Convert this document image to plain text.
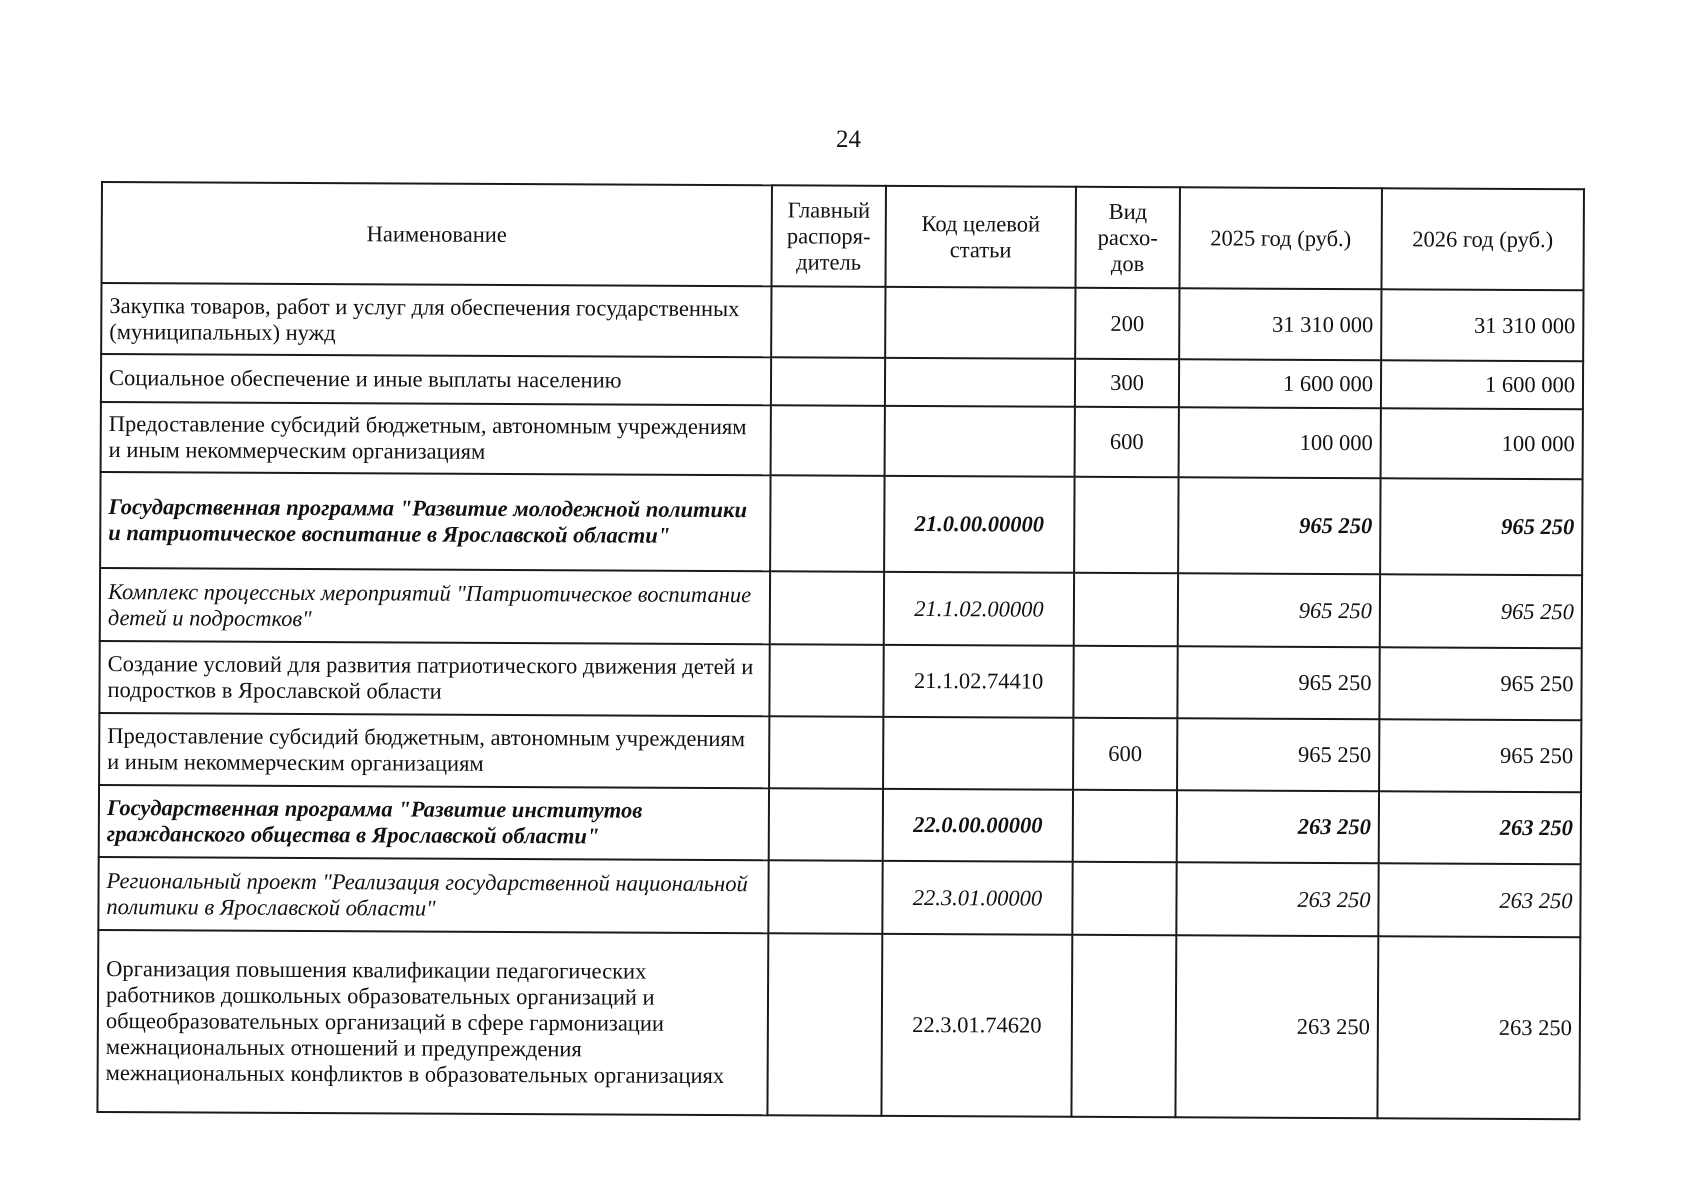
24
Наименование	Главный распоря-дитель	Код целевой статьи	Вид расхо-дов	2025 год (руб.)	2026 год (руб.)
Закупка товаров, работ и услуг для обеспечения государственных (муниципальных) нужд			200	31 310 000	31 310 000
Социальное обеспечение и иные выплаты населению			300	1 600 000	1 600 000
Предоставление субсидий бюджетным, автономным учреждениям и иным некоммерческим организациям			600	100 000	100 000
Государственная программа "Развитие молодежной политики и патриотическое воспитание в Ярославской области"		21.0.00.00000		965 250	965 250
Комплекс процессных мероприятий "Патриотическое воспитание детей и подростков"		21.1.02.00000		965 250	965 250
Создание условий для развития патриотического движения детей и подростков в Ярославской области		21.1.02.74410		965 250	965 250
Предоставление субсидий бюджетным, автономным учреждениям и иным некоммерческим организациям			600	965 250	965 250
Государственная программа "Развитие институтов гражданского общества в Ярославской области"		22.0.00.00000		263 250	263 250
Региональный проект "Реализация государственной национальной политики в Ярославской области"		22.3.01.00000		263 250	263 250
Организация повышения квалификации педагогических работников дошкольных образовательных организаций и общеобразовательных организаций в сфере гармонизации межнациональных отношений и предупреждения межнациональных конфликтов в образовательных организациях		22.3.01.74620		263 250	263 250
